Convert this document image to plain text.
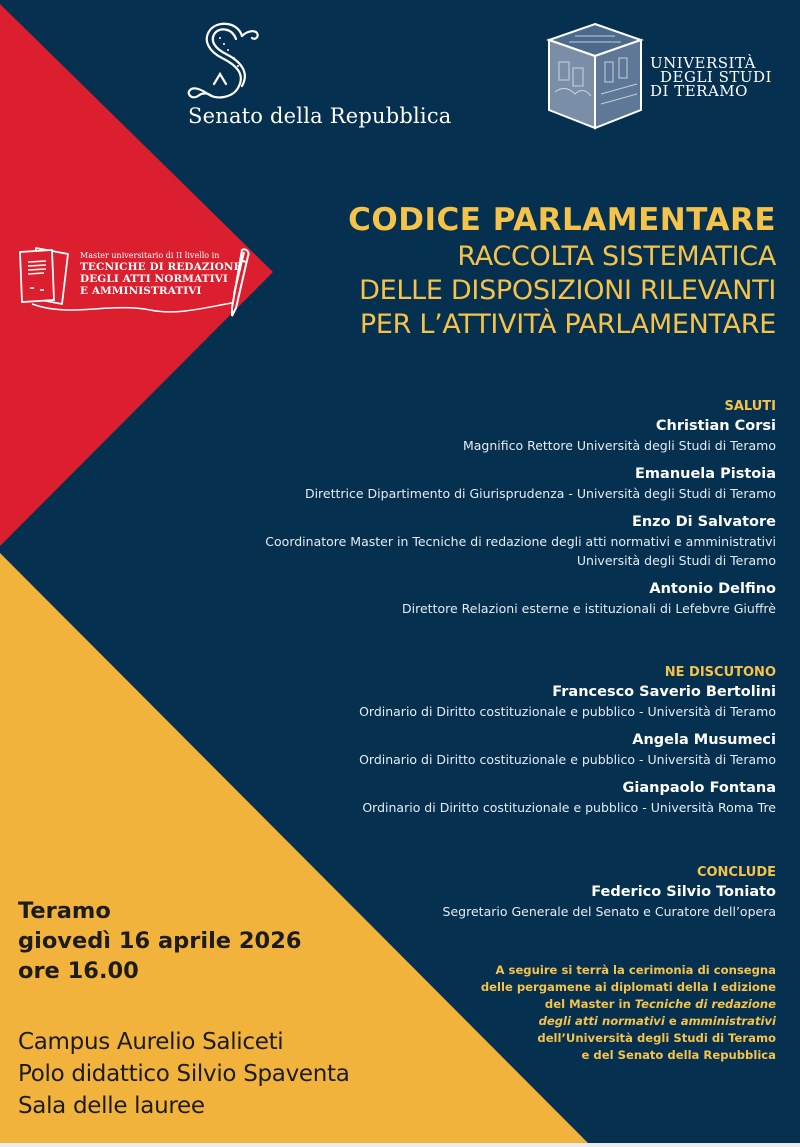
Senato della Repubblica
UNIVERSITÀ
DEGLI STUDI
DI TERAMO
Master universitario di II livello in
TECNICHE DI REDAZIONE
DEGLI ATTI NORMATIVI
E AMMINISTRATIVI
CODICE PARLAMENTARE
RACCOLTA SISTEMATICA
DELLE DISPOSIZIONI RILEVANTI
PER L’ATTIVITÀ PARLAMENTARE
SALUTI
Christian Corsi
Magnifico Rettore Università degli Studi di Teramo
Emanuela Pistoia
Direttrice Dipartimento di Giurisprudenza - Università degli Studi di Teramo
Enzo Di Salvatore
Coordinatore Master in Tecniche di redazione degli atti normativi e amministrativi
Università degli Studi di Teramo
Antonio Delfino
Direttore Relazioni esterne e istituzionali di Lefebvre Giuffrè
NE DISCUTONO
Francesco Saverio Bertolini
Ordinario di Diritto costituzionale e pubblico - Università di Teramo
Angela Musumeci
Ordinario di Diritto costituzionale e pubblico - Università di Teramo
Gianpaolo Fontana
Ordinario di Diritto costituzionale e pubblico - Università Roma Tre
CONCLUDE
Federico Silvio Toniato
Segretario Generale del Senato e Curatore dell’opera
A seguire si terrà la cerimonia di consegna
delle pergamene ai diplomati della I edizione
del Master in Tecniche di redazione
degli atti normativi e amministrativi
dell’Università degli Studi di Teramo
e del Senato della Repubblica
Teramo
giovedì 16 aprile 2026
ore 16.00
Campus Aurelio Saliceti
Polo didattico Silvio Spaventa
Sala delle lauree
